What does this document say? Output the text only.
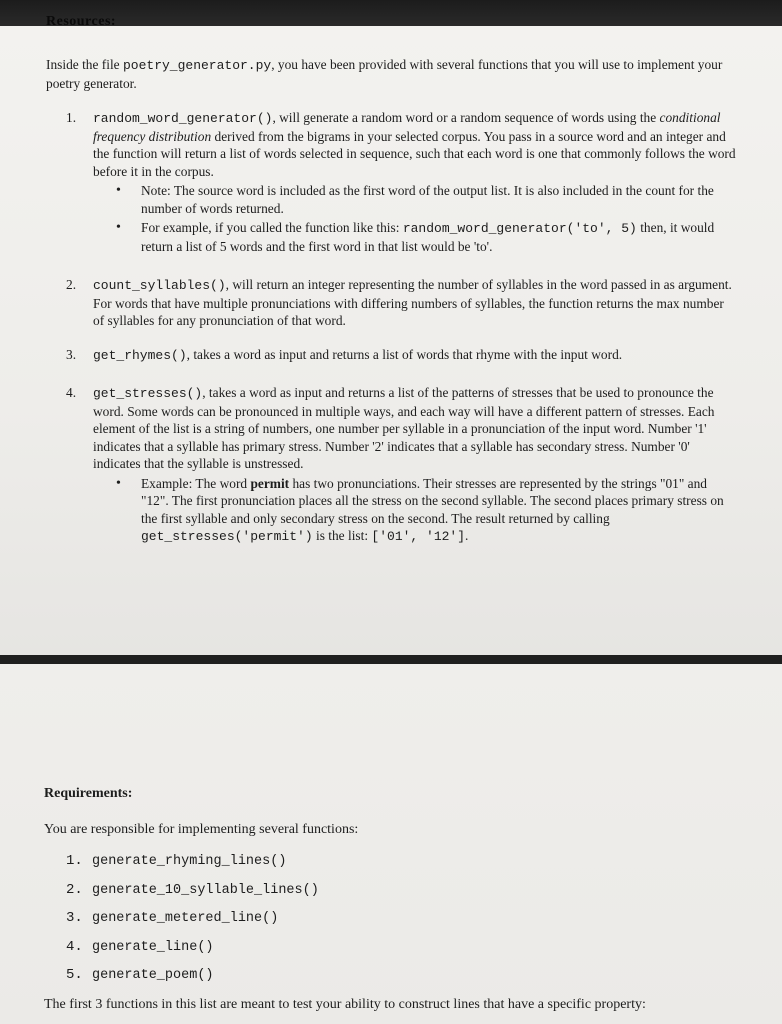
Resources:
Inside the file poetry_generator.py, you have been provided with several functions that you will use to implement your poetry generator.
1. random_word_generator(), will generate a random word or a random sequence of words using the conditional frequency distribution derived from the bigrams in your selected corpus. You pass in a source word and an integer and the function will return a list of words selected in sequence, such that each word is one that commonly follows the word before it in the corpus.
• Note: The source word is included as the first word of the output list. It is also included in the count for the number of words returned.
• For example, if you called the function like this: random_word_generator('to', 5) then, it would return a list of 5 words and the first word in that list would be 'to'.
2. count_syllables(), will return an integer representing the number of syllables in the word passed in as argument. For words that have multiple pronunciations with differing numbers of syllables, the function returns the max number of syllables for any pronunciation of that word.
3. get_rhymes(), takes a word as input and returns a list of words that rhyme with the input word.
4. get_stresses(), takes a word as input and returns a list of the patterns of stresses that be used to pronounce the word. Some words can be pronounced in multiple ways, and each way will have a different pattern of stresses. Each element of the list is a string of numbers, one number per syllable in a pronunciation of the input word. Number '1' indicates that a syllable has primary stress. Number '2' indicates that a syllable has secondary stress. Number '0' indicates that the syllable is unstressed.
• Example: The word permit has two pronunciations. Their stresses are represented by the strings "01" and "12". The first pronunciation places all the stress on the second syllable. The second places primary stress on the first syllable and only secondary stress on the second. The result returned by calling get_stresses('permit') is the list: ['01', '12'].
Requirements:
You are responsible for implementing several functions:
1. generate_rhyming_lines()
2. generate_10_syllable_lines()
3. generate_metered_line()
4. generate_line()
5. generate_poem()
The first 3 functions in this list are meant to test your ability to construct lines that have a specific property:
